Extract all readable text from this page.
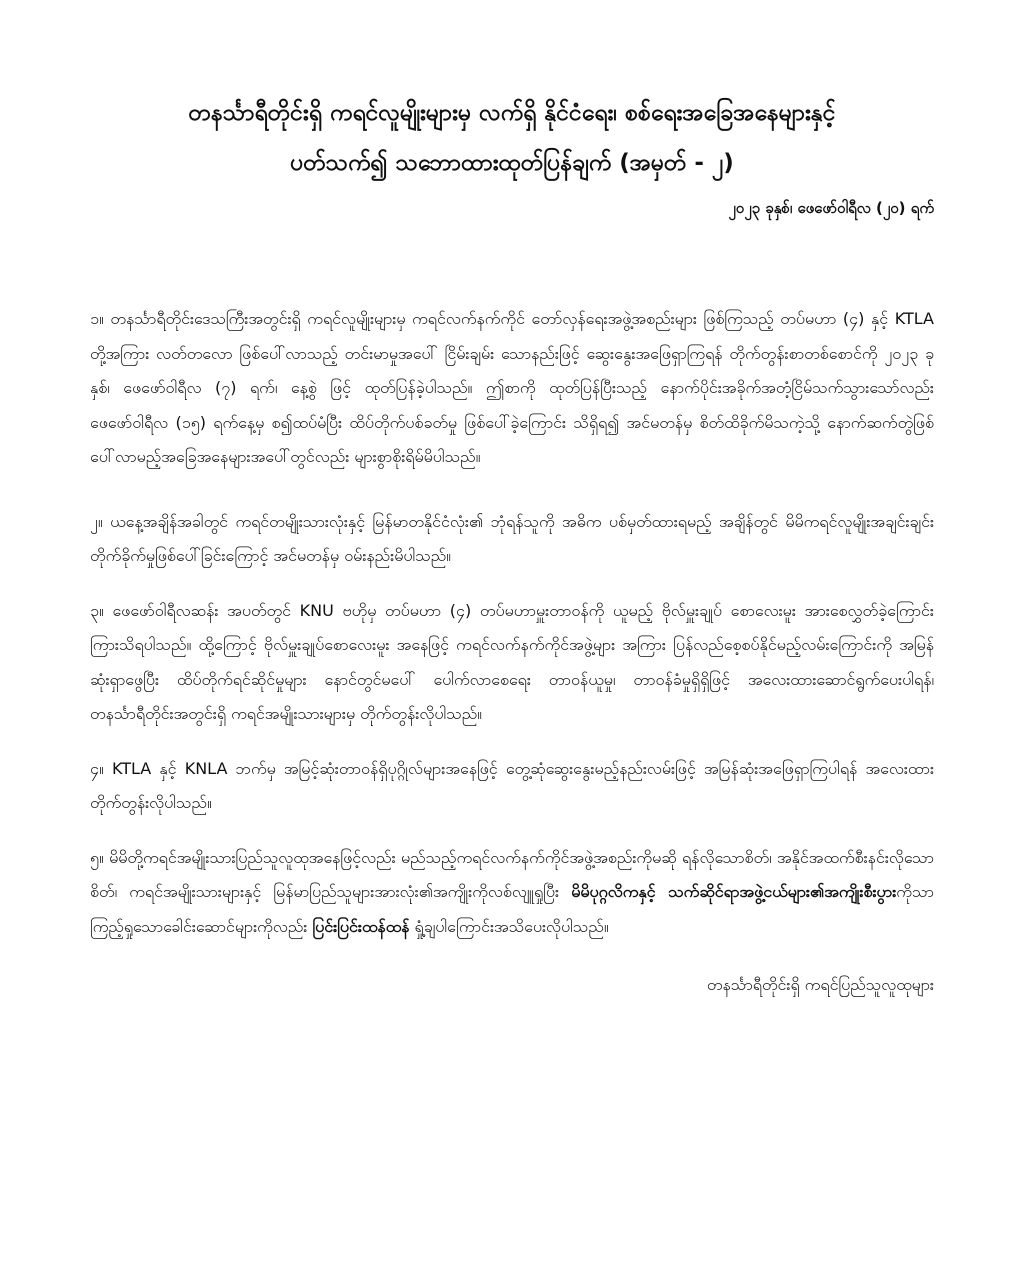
တနင်္သာရီတိုင်းရှိ ကရင်လူမျိုးများမှ လက်ရှိ နိုင်ငံရေး၊ စစ်ရေးအခြေအနေများနှင့်
ပတ်သက်၍ သဘောထားထုတ်ပြန်ချက် (အမှတ် - ၂)
၂၀၂၃ ခုနှစ်၊ ဖေဖော်ဝါရီလ (၂၀) ရက်

၁။ တနင်္သာရီတိုင်းဒေသကြီးအတွင်းရှိ ကရင်လူမျိုးများမှ ကရင်လက်နက်ကိုင် တော်လှန်ရေးအဖွဲ့အစည်းများ ဖြစ်ကြသည့် တပ်မဟာ (၄) နှင့် KTLA တို့အကြား လတ်တလော ဖြစ်ပေါ်လာသည့် တင်းမာမှုအပေါ် ငြိမ်းချမ်း သောနည်းဖြင့် ဆွေးနွေးအဖြေရှာကြရန် တိုက်တွန်းစာတစ်စောင်ကို ၂၀၂၃ ခုနှစ်၊ ဖေဖော်ဝါရီလ (၇) ရက်၊ နေ့စွဲ ဖြင့် ထုတ်ပြန်ခဲ့ပါသည်။ ဤစာကို ထုတ်ပြန်ပြီးသည့် နောက်ပိုင်းအခိုက်အတံ့ငြိမ်သက်သွားသော်လည်း ဖေဖော်ဝါရီလ (၁၅) ရက်နေ့မှ စ၍ထပ်မံပြီး ထိပ်တိုက်ပစ်ခတ်မှု ဖြစ်ပေါ်ခဲ့ကြောင်း သိရှိရ၍ အင်မတန်မှ စိတ်ထိခိုက်မိသကဲ့သို့ နောက်ဆက်တွဲဖြစ်ပေါ်လာမည့်အခြေအနေများအပေါ်တွင်လည်း များစွာစိုးရိမ်မိပါသည်။

၂။ ယနေ့အချိန်အခါတွင် ကရင်တမျိုးသားလုံးနှင့် မြန်မာတနိုင်ငံလုံး၏ ဘုံရန်သူကို အဓိက ပစ်မှတ်ထားရမည့် အချိန်တွင် မိမိကရင်လူမျိုးအချင်းချင်းတိုက်ခိုက်မှုဖြစ်ပေါ်ခြင်းကြောင့် အင်မတန်မှ ဝမ်းနည်းမိပါသည်။

၃။ ဖေဖော်ဝါရီလဆန်း အပတ်တွင် KNU ဗဟိုမှ တပ်မဟာ (၄) တပ်မဟာမှူးတာဝန်ကို ယူမည့် ဗိုလ်မှူးချုပ် စောလေးမူး အားစေလွှတ်ခဲ့ကြောင်းကြားသိရပါသည်။ ထို့ကြောင့် ဗိုလ်မှူးချုပ်စောလေးမူး အနေဖြင့် ကရင်လက်နက်ကိုင်အဖွဲ့များ အကြား ပြန်လည်စေ့စပ်နိုင်မည့်လမ်းကြောင်းကို အမြန်ဆုံးရှာဖွေပြီး ထိပ်တိုက်ရင်ဆိုင်မှုများ နောင်တွင်မပေါ် ပေါက်လာစေရေး တာဝန်ယူမှု၊ တာဝန်ခံမှုရှိရှိဖြင့် အလေးထားဆောင်ရွက်ပေးပါရန်၊ တနင်္သာရီတိုင်းအတွင်းရှိ ကရင်အမျိုးသားများမှ တိုက်တွန်းလိုပါသည်။

၄။ KTLA နှင့် KNLA ဘက်မှ အမြင့်ဆုံးတာဝန်ရှိပုဂ္ဂိုလ်များအနေဖြင့် တွေ့ဆုံဆွေးနွေးမည့်နည်းလမ်းဖြင့် အမြန်ဆုံးအဖြေရှာကြပါရန် အလေးထားတိုက်တွန်းလိုပါသည်။

၅။ မိမိတို့ကရင်အမျိုးသားပြည်သူလူထုအနေဖြင့်လည်း မည်သည့်ကရင်လက်နက်ကိုင်အဖွဲ့အစည်းကိုမဆို ရန်လိုသောစိတ်၊ အနိုင်အထက်စီးနင်းလိုသောစိတ်၊ ကရင်အမျိုးသားများနှင့် မြန်မာပြည်သူများအားလုံး၏အကျိုးကိုလစ်လျူရှုပြီး မိမိပုဂ္ဂလိကနှင့် သက်ဆိုင်ရာအဖွဲ့ငယ်များ၏အကျိုးစီးပွားကိုသာ ကြည့်ရှုသောခေါင်းဆောင်များကိုလည်း ပြင်းပြင်းထန်ထန် ရှုံ့ချပါကြောင်းအသိပေးလိုပါသည်။

တနင်္သာရီတိုင်းရှိ ကရင်ပြည်သူလူထုများ
